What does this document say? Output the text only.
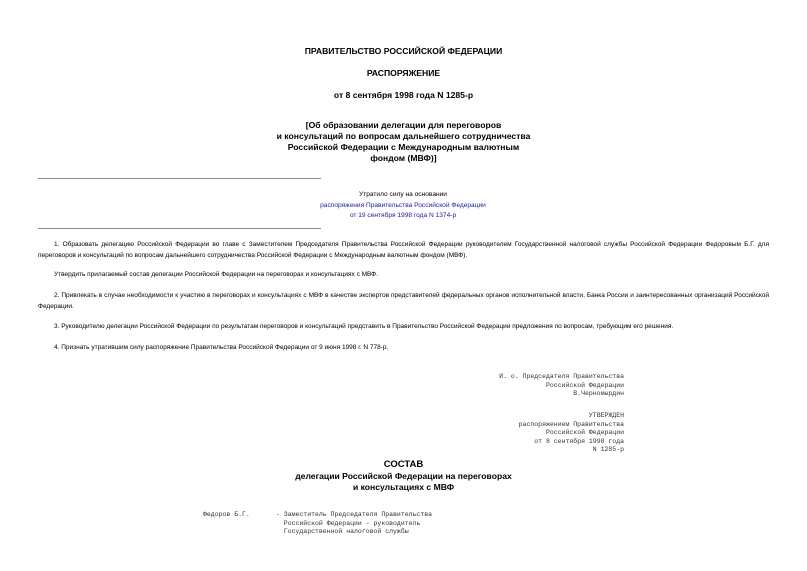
ПРАВИТЕЛЬСТВО РОССИЙСКОЙ ФЕДЕРАЦИИ
РАСПОРЯЖЕНИЕ
от 8 сентября 1998 года N 1285-р
[Об образовании делегации для переговоров
и консультаций по вопросам дальнейшего сотрудничества
Российской Федерации с Международным валютным
фондом (МВФ)]
Утратило силу на основании
распоряжения Правительства Российской Федерации
от 19 сентября 1998 года N 1374-р
1. Образовать делегацию Российской Федерации во главе с Заместителем Председателя Правительства Российской Федерации руководителем Государственной налоговой службы Российской Федерации Федоровым Б.Г. для переговоров и консультаций по вопросам дальнейшего сотрудничества Российской Федерации с Международным валютным фондом (МВФ).
Утвердить прилагаемый состав делегации Российской Федерации на переговорах и консультациях с МВФ.
2. Привлекать в случае необходимости к участию в переговорах и консультациях с МВФ в качестве экспертов представителей федеральных органов исполнительной власти, Банка России и заинтересованных организаций Российской Федерации.
3. Руководителю делегации Российской Федерации по результатам переговоров и консультаций представить в Правительство Российской Федерации предложения по вопросам, требующим его решения.
4. Признать утратившим силу распоряжение Правительства Российской Федерации от 9 июня 1998 г. N 778-р.
И. о. Председателя Правительства
Российской Федерации
В.Черномырдин
УТВЕРЖДЕН
распоряжением Правительства
Российской Федерации
от 8 сентября 1998 года
N 1285-р
СОСТАВ
делегации Российской Федерации на переговорах
и консультациях с МВФ
Федоров Б.Г.	- Заместитель Председателя Правительства
Российской Федерации - руководитель
Государственной налоговой службы
